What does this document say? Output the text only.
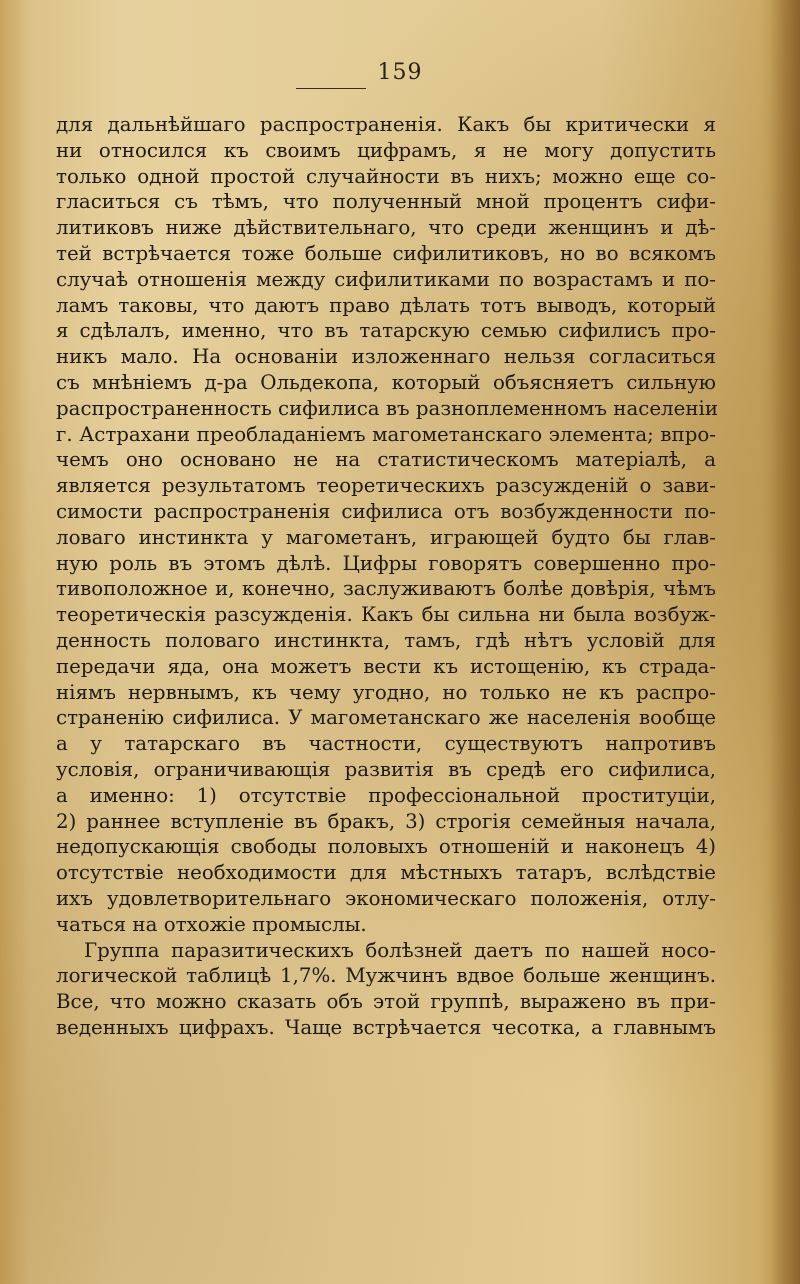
159
для дальнѣйшаго распространенія. Какъ бы критически я
ни относился къ своимъ цифрамъ, я не могу допустить
только одной простой случайности въ нихъ; можно еще со-
гласиться съ тѣмъ, что полученный мной процентъ сифи-
литиковъ ниже дѣйствительнаго, что среди женщинъ и дѣ-
тей встрѣчается тоже больше сифилитиковъ, но во всякомъ
случаѣ отношенія между сифилитиками по возрастамъ и по-
ламъ таковы, что даютъ право дѣлать тотъ выводъ, который
я сдѣлалъ, именно, что въ татарскую семью сифилисъ про-
никъ мало. На основаніи изложеннаго нельзя согласиться
съ мнѣніемъ д-ра Ольдекопа, который объясняетъ сильную
распространенность сифилиса въ разноплеменномъ населеніи
г. Астрахани преобладаніемъ магометанскаго элемента; впро-
чемъ оно основано не на статистическомъ матеріалѣ, а
является результатомъ теоретическихъ разсужденій о зави-
симости распространенія сифилиса отъ возбужденности по-
ловаго инстинкта у магометанъ, играющей будто бы глав-
ную роль въ этомъ дѣлѣ. Цифры говорятъ совершенно про-
тивоположное и, конечно, заслуживаютъ болѣе довѣрія, чѣмъ
теоретическія разсужденія. Какъ бы сильна ни была возбуж-
денность половаго инстинкта, тамъ, гдѣ нѣтъ условій для
передачи яда, она можетъ вести къ истощенію, къ страда-
ніямъ нервнымъ, къ чему угодно, но только не къ распро-
страненію сифилиса. У магометанскаго же населенія вообще
а у татарскаго въ частности, существуютъ напротивъ
условія, ограничивающія развитія въ средѣ его сифилиса,
а именно: 1) отсутствіе профессіональной проституціи,
2) раннее вступленіе въ бракъ, 3) строгія семейныя начала,
недопускающія свободы половыхъ отношеній и наконецъ 4)
отсутствіе необходимости для мѣстныхъ татаръ, вслѣдствіе
ихъ удовлетворительнаго экономическаго положенія, отлу-
чаться на отхожіе промыслы.
Группа паразитическихъ болѣзней даетъ по нашей носо-
логической таблицѣ 1,7%. Мужчинъ вдвое больше женщинъ.
Все, что можно сказать объ этой группѣ, выражено въ при-
веденныхъ цифрахъ. Чаще встрѣчается чесотка, а главнымъ
